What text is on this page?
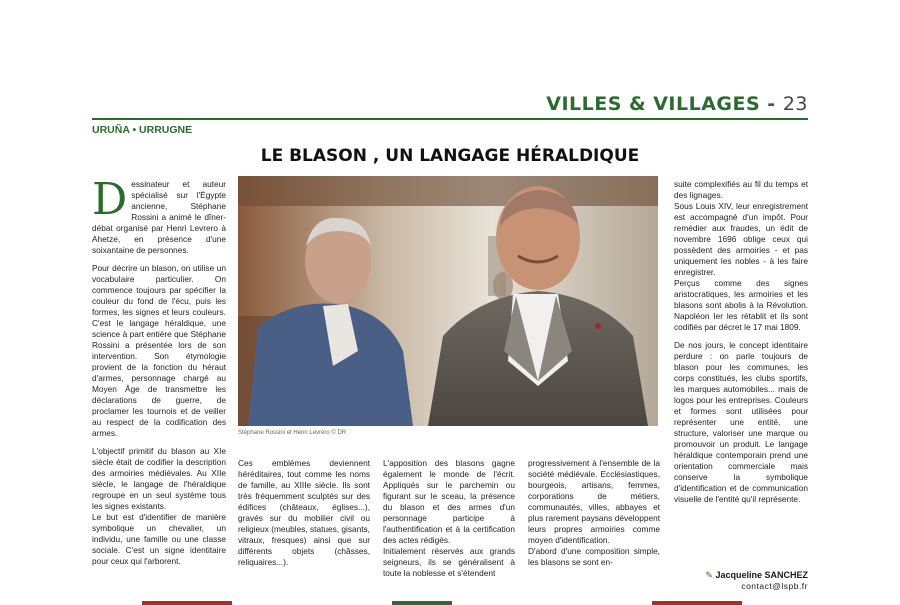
VILLES & VILLAGES - 23
URUÑA • URRUGNE
LE BLASON , UN LANGAGE HÉRALDIQUE

Dessinateur et auteur spécialisé sur l'Égypte ancienne, Stéphane Rossini a animé le dîner-débat organisé par Henri Levrero à Ahetze, en présence d'une soixantaine de personnes.

Pour décrire un blason, on utilise un vocabulaire particulier. On commence toujours par spécifier la couleur du fond de l'écu, puis les formes, les signes et leurs couleurs. C'est le langage héraldique, une science à part entière que Stéphane Rossini a présentée lors de son intervention. Son étymologie provient de la fonction du héraut d'armes, personnage chargé au Moyen Âge de transmettre les déclarations de guerre, de proclamer les tournois et de veiller au respect de la codification des armes.

L'objectif primitif du blason au XIe siècle était de codifier la description des armoiries médiévales. Au XIIe siècle, le langage de l'héraldique regroupe en un seul système tous les signes existants.

Le but est d'identifier de manière symbolique un chevalier, un individu, une famille ou une classe sociale. C'est un signe identitaire pour ceux qui l'arborent.

Stéphane Rossini et Henri Levréro © DR

Ces emblèmes deviennent héréditaires, tout comme les noms de famille, au XIIIe siècle. Ils sont très fréquemment sculptés sur des édifices (châteaux, églises...), gravés sur du mobilier civil ou religieux (meubles, statues, gisants, vitraux, fresques) ainsi que sur différents objets (châsses, reliquaires...).

L'apposition des blasons gagne également le monde de l'écrit. Appliqués sur le parchemin ou figurant sur le sceau, la présence du blason et des armes d'un personnage participe à l'authentification et à la certification des actes rédigés.

Initialement réservés aux grands seigneurs, ils se généralisent à toute la noblesse et s'étendent

progressivement à l'ensemble de la société médiévale. Ecclésiastiques, bourgeois, artisans, femmes, corporations de métiers, communautés, villes, abbayes et plus rarement paysans développent leurs propres armoiries comme moyen d'identification.

D'abord d'une composition simple, les blasons se sont en-

suite complexifiés au fil du temps et des lignages.

Sous Louis XIV, leur enregistrement est accompagné d'un impôt. Pour remédier aux fraudes, un édit de novembre 1696 oblige ceux qui possèdent des armoiries - et pas uniquement les nobles - à les faire enregistrer.

Perçus comme des signes aristocratiques, les armoiries et les blasons sont abolis à la Révolution. Napoléon Ier les rétablit et ils sont codifiés par décret le 17 mai 1809.

De nos jours, le concept identitaire perdure : on parle toujours de blason pour les communes, les corps constitués, les clubs sportifs, les marques automobiles... mais de logos pour les entreprises. Couleurs et formes sont utilisées pour représenter une entité, une structure, valoriser une marque ou promouvoir un produit. Le langage héraldique contemporain prend une orientation commerciale mais conserve la symbolique d'identification et de communication visuelle de l'entité qu'il représente.

✎ Jacqueline SANCHEZ
contact@lspb.fr
